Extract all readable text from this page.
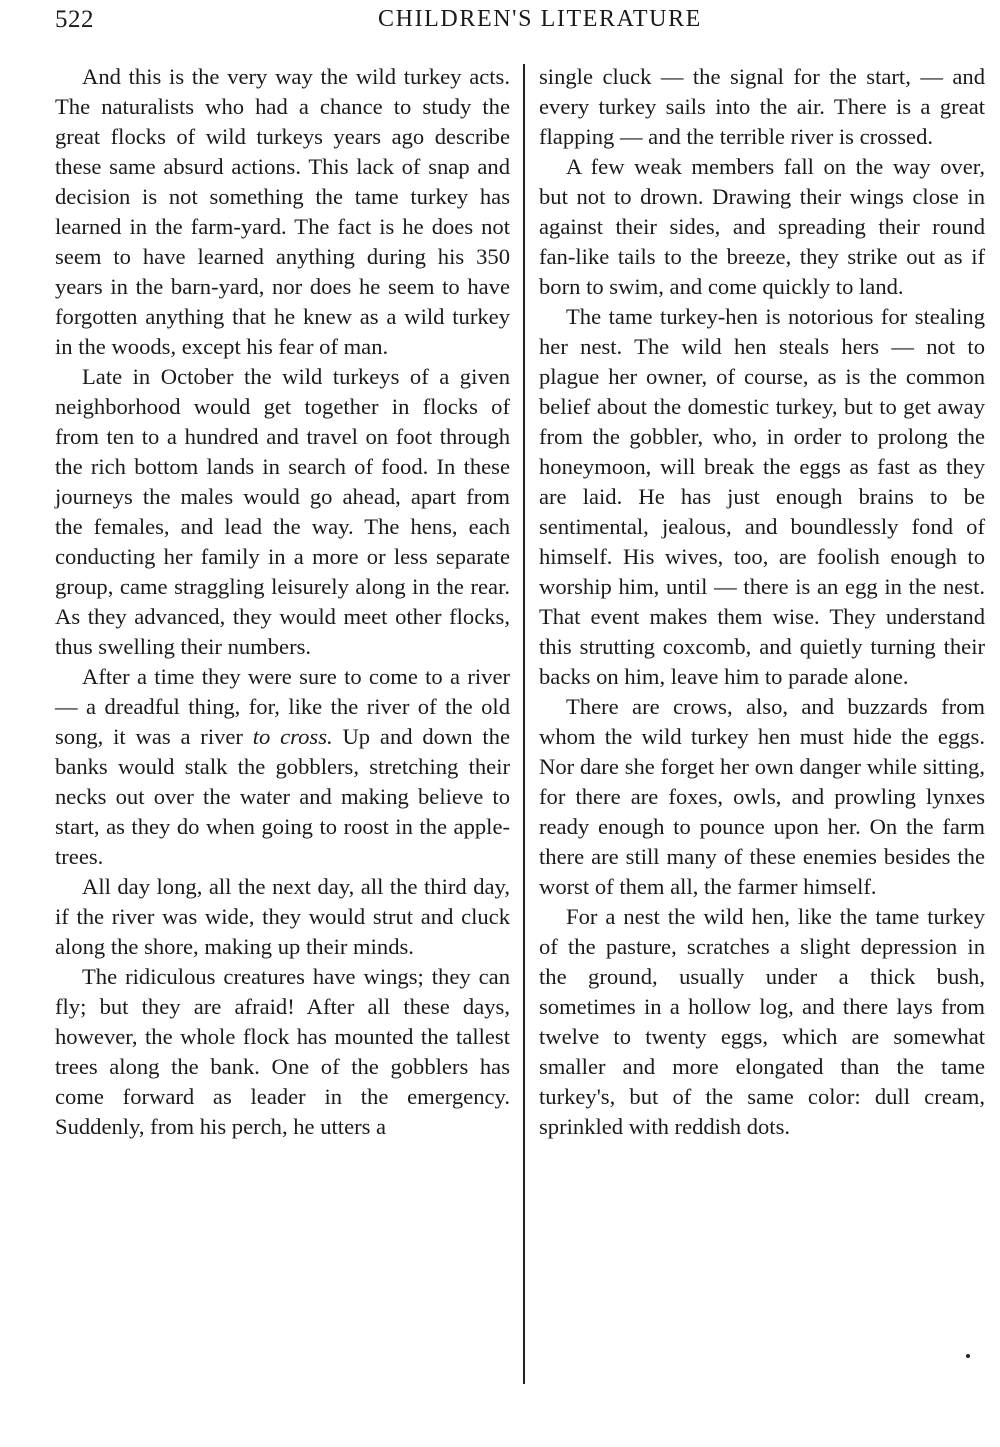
522	CHILDREN'S LITERATURE

And this is the very way the wild turkey acts. The naturalists who had a chance to study the great flocks of wild turkeys years ago describe these same absurd actions. This lack of snap and decision is not something the tame turkey has learned in the farm-yard. The fact is he does not seem to have learned anything during his 350 years in the barn-yard, nor does he seem to have forgotten anything that he knew as a wild turkey in the woods, except his fear of man.

Late in October the wild turkeys of a given neighborhood would get together in flocks of from ten to a hundred and travel on foot through the rich bottom lands in search of food. In these journeys the males would go ahead, apart from the females, and lead the way. The hens, each conducting her family in a more or less separate group, came straggling leisurely along in the rear. As they advanced, they would meet other flocks, thus swelling their numbers.

After a time they were sure to come to a river — a dreadful thing, for, like the river of the old song, it was a river to cross. Up and down the banks would stalk the gobblers, stretching their necks out over the water and making believe to start, as they do when going to roost in the apple-trees.

All day long, all the next day, all the third day, if the river was wide, they would strut and cluck along the shore, making up their minds.

The ridiculous creatures have wings; they can fly; but they are afraid! After all these days, however, the whole flock has mounted the tallest trees along the bank. One of the gobblers has come forward as leader in the emergency. Suddenly, from his perch, he utters a

single cluck — the signal for the start, — and every turkey sails into the air. There is a great flapping — and the terrible river is crossed.

A few weak members fall on the way over, but not to drown. Drawing their wings close in against their sides, and spreading their round fan-like tails to the breeze, they strike out as if born to swim, and come quickly to land.

The tame turkey-hen is notorious for stealing her nest. The wild hen steals hers — not to plague her owner, of course, as is the common belief about the domestic turkey, but to get away from the gobbler, who, in order to prolong the honeymoon, will break the eggs as fast as they are laid. He has just enough brains to be sentimental, jealous, and boundlessly fond of himself. His wives, too, are foolish enough to worship him, until — there is an egg in the nest. That event makes them wise. They understand this strutting coxcomb, and quietly turning their backs on him, leave him to parade alone.

There are crows, also, and buzzards from whom the wild turkey hen must hide the eggs. Nor dare she forget her own danger while sitting, for there are foxes, owls, and prowling lynxes ready enough to pounce upon her. On the farm there are still many of these enemies besides the worst of them all, the farmer himself.

For a nest the wild hen, like the tame turkey of the pasture, scratches a slight depression in the ground, usually under a thick bush, sometimes in a hollow log, and there lays from twelve to twenty eggs, which are somewhat smaller and more elongated than the tame turkey's, but of the same color: dull cream, sprinkled with reddish dots.
